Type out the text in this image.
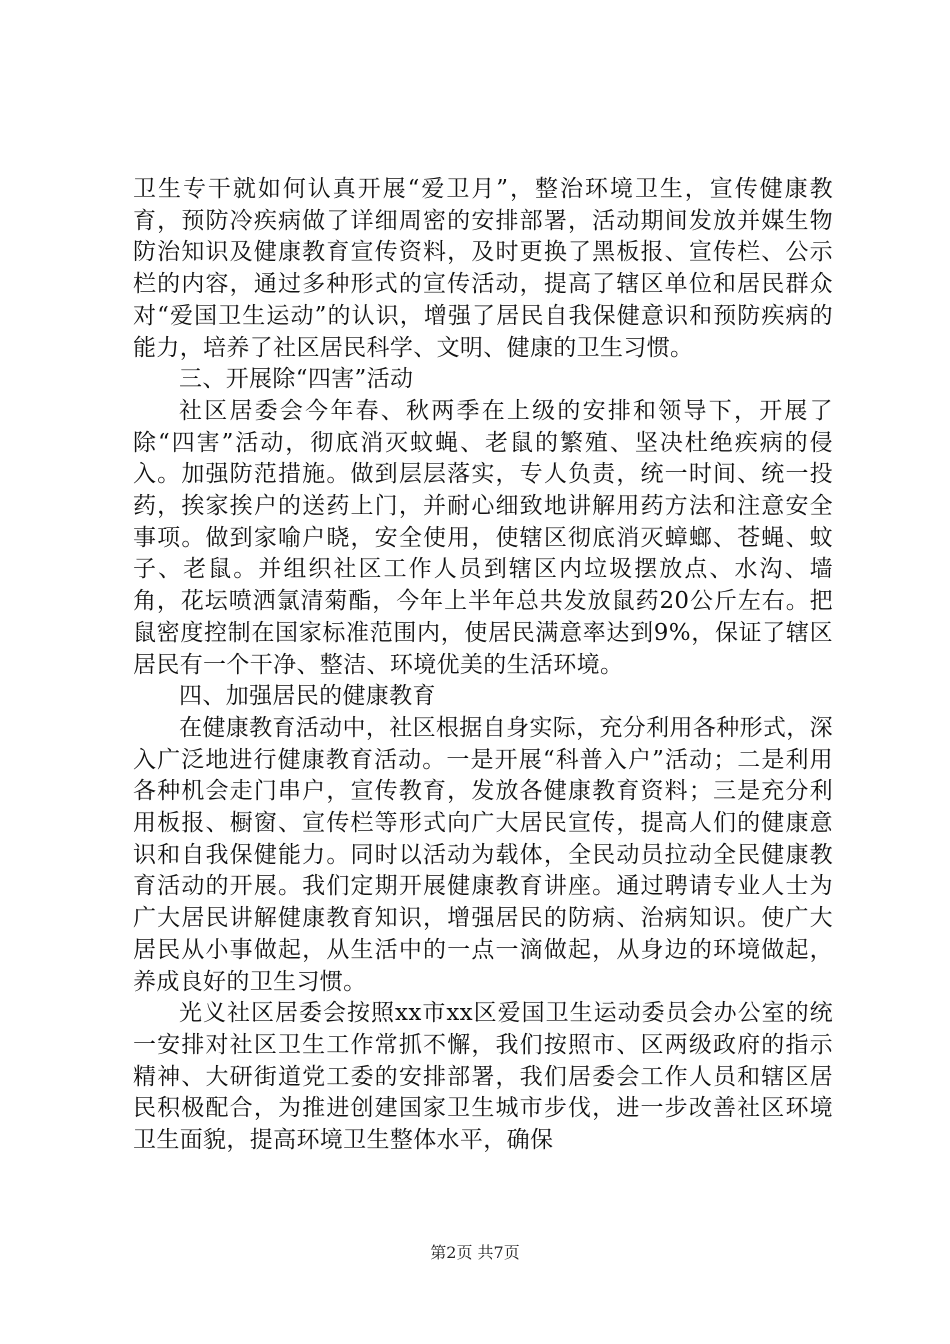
卫生专干就如何认真开展“爱卫月”，整治环境卫生，宣传健康教育，预防冷疾病做了详细周密的安排部署，活动期间发放并媒生物防治知识及健康教育宣传资料，及时更换了黑板报、宣传栏、公示栏的内容，通过多种形式的宣传活动，提高了辖区单位和居民群众对“爱国卫生运动”的认识，增强了居民自我保健意识和预防疾病的能力，培养了社区居民科学、文明、健康的卫生习惯。

三、开展除“四害”活动

社区居委会今年春、秋两季在上级的安排和领导下，开展了除“四害”活动，彻底消灭蚊蝇、老鼠的繁殖、坚决杜绝疾病的侵入。加强防范措施。做到层层落实，专人负责，统一时间、统一投药，挨家挨户的送药上门，并耐心细致地讲解用药方法和注意安全事项。做到家喻户晓，安全使用，使辖区彻底消灭蟑螂、苍蝇、蚊子、老鼠。并组织社区工作人员到辖区内垃圾摆放点、水沟、墙角，花坛喷洒氯清菊酯，今年上半年总共发放鼠药20公斤左右。把鼠密度控制在国家标准范围内，使居民满意率达到9%，保证了辖区居民有一个干净、整洁、环境优美的生活环境。

四、加强居民的健康教育

在健康教育活动中，社区根据自身实际，充分利用各种形式，深入广泛地进行健康教育活动。一是开展“科普入户”活动；二是利用各种机会走门串户，宣传教育，发放各健康教育资料；三是充分利用板报、橱窗、宣传栏等形式向广大居民宣传，提高人们的健康意识和自我保健能力。同时以活动为载体，全民动员拉动全民健康教育活动的开展。我们定期开展健康教育讲座。通过聘请专业人士为广大居民讲解健康教育知识，增强居民的防病、治病知识。使广大居民从小事做起，从生活中的一点一滴做起，从身边的环境做起，养成良好的卫生习惯。

光义社区居委会按照xx市xx区爱国卫生运动委员会办公室的统一安排对社区卫生工作常抓不懈，我们按照市、区两级政府的指示精神、大研街道党工委的安排部署，我们居委会工作人员和辖区居民积极配合，为推进创建国家卫生城市步伐，进一步改善社区环境卫生面貌，提高环境卫生整体水平，确保

第2页 共7页
